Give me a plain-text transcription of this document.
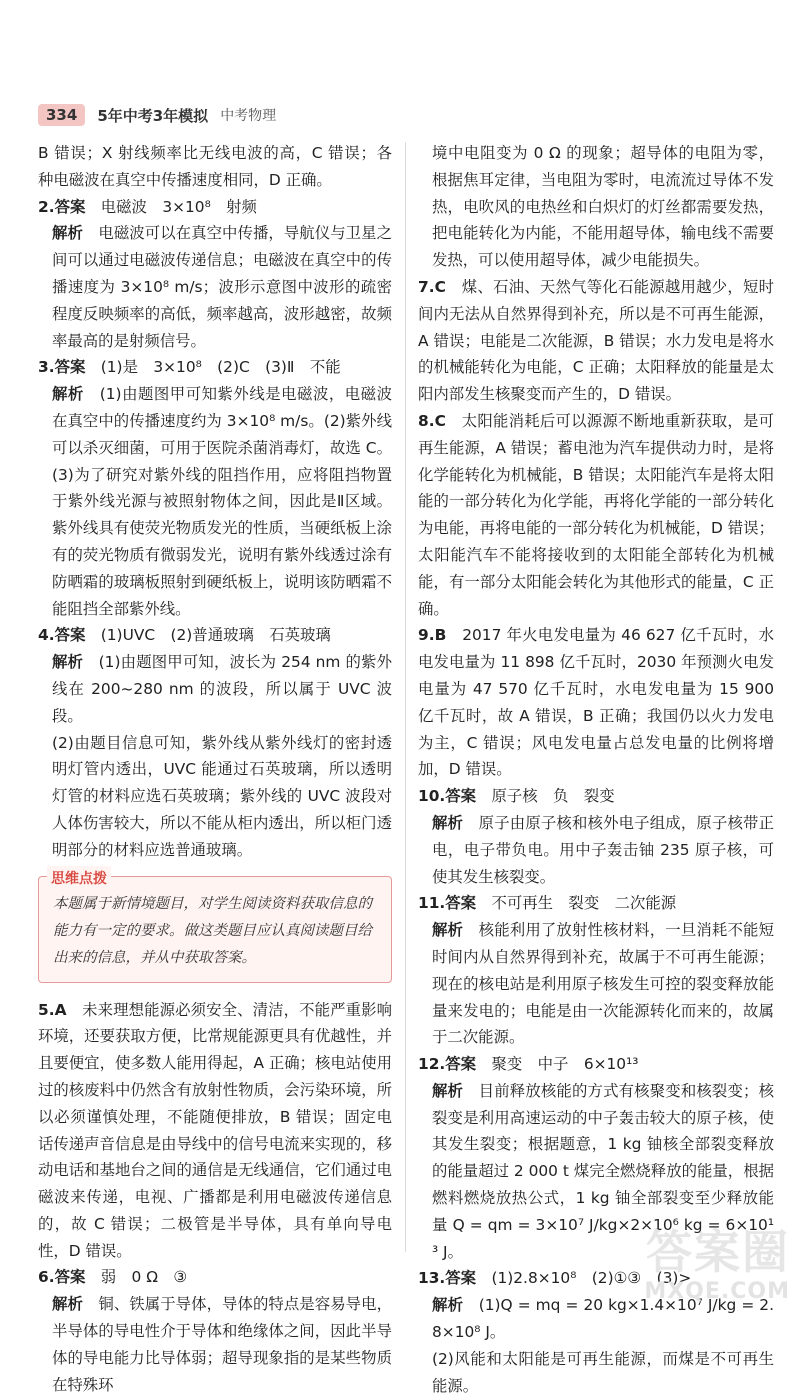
334	5年中考3年模拟 中考物理

B 错误；X 射线频率比无线电波的高，C 错误；各种电磁波在真空中传播速度相同，D 正确。

2.答案　 电磁波　3×10⁸　射频

解析　 电磁波可以在真空中传播，导航仪与卫星之间可以通过电磁波传递信息；电磁波在真空中的传播速度为 3×10⁸ m/s；波形示意图中波形的疏密程度反映频率的高低，频率越高，波形越密，故频率最高的是射频信号。

3.答案　 (1)是　3×10⁸　(2)C　(3)Ⅱ　不能

解析　 (1)由题图甲可知紫外线是电磁波，电磁波在真空中的传播速度约为 3×10⁸ m/s。(2)紫外线可以杀灭细菌，可用于医院杀菌消毒灯，故选 C。(3)为了研究对紫外线的阻挡作用，应将阻挡物置于紫外线光源与被照射物体之间，因此是Ⅱ区域。紫外线具有使荧光物质发光的性质，当硬纸板上涂有的荧光物质有微弱发光，说明有紫外线透过涂有防晒霜的玻璃板照射到硬纸板上，说明该防晒霜不能阻挡全部紫外线。

4.答案　 (1)UVC　(2)普通玻璃　石英玻璃

解析　 (1)由题图甲可知，波长为 254 nm 的紫外线在 200~280 nm 的波段，所以属于 UVC 波段。

(2)由题目信息可知，紫外线从紫外线灯的密封透明灯管内透出，UVC 能通过石英玻璃，所以透明灯管的材料应选石英玻璃；紫外线的 UVC 波段对人体伤害较大，所以不能从柜内透出，所以柜门透明部分的材料应选普通玻璃。

思维点拨
本题属于新情境题目，对学生阅读资料获取信息的能力有一定的要求。做这类题目应认真阅读题目给出来的信息，并从中获取答案。

5.A　 未来理想能源必须安全、清洁，不能严重影响环境，还要获取方便，比常规能源更具有优越性，并且要便宜，使多数人能用得起，A 正确；核电站使用过的核废料中仍然含有放射性物质，会污染环境，所以必须谨慎处理，不能随便排放，B 错误；固定电话传递声音信息是由导线中的信号电流来实现的，移动电话和基地台之间的通信是无线通信，它们通过电磁波来传递，电视、广播都是利用电磁波传递信息的，故 C 错误；二极管是半导体，具有单向导电性，D 错误。

6.答案　 弱　0 Ω　③

解析　 铜、铁属于导体，导体的特点是容易导电，半导体的导电性介于导体和绝缘体之间，因此半导体的导电能力比导体弱；超导现象指的是某些物质在特殊环

境中电阻变为 0 Ω 的现象；超导体的电阻为零，根据焦耳定律，当电阻为零时，电流流过导体不发热，电吹风的电热丝和白炽灯的灯丝都需要发热，把电能转化为内能，不能用超导体，输电线不需要发热，可以使用超导体，减少电能损失。

7.C　 煤、石油、天然气等化石能源越用越少，短时间内无法从自然界得到补充，所以是不可再生能源，A 错误；电能是二次能源，B 错误；水力发电是将水的机械能转化为电能，C 正确；太阳释放的能量是太阳内部发生核聚变而产生的，D 错误。

8.C　 太阳能消耗后可以源源不断地重新获取，是可再生能源，A 错误；蓄电池为汽车提供动力时，是将化学能转化为机械能，B 错误；太阳能汽车是将太阳能的一部分转化为化学能，再将化学能的一部分转化为电能，再将电能的一部分转化为机械能，D 错误；太阳能汽车不能将接收到的太阳能全部转化为机械能，有一部分太阳能会转化为其他形式的能量，C 正确。

9.B　 2017 年火电发电量为 46 627 亿千瓦时，水电发电量为 11 898 亿千瓦时，2030 年预测火电发电量为 47 570 亿千瓦时，水电发电量为 15 900 亿千瓦时，故 A 错误，B 正确；我国仍以火力发电为主，C 错误；风电发电量占总发电量的比例将增加，D 错误。

10.答案　 原子核　负　裂变

解析　 原子由原子核和核外电子组成，原子核带正电，电子带负电。用中子轰击铀 235 原子核，可使其发生核裂变。

11.答案　 不可再生　裂变　二次能源

解析　 核能利用了放射性核材料，一旦消耗不能短时间内从自然界得到补充，故属于不可再生能源；现在的核电站是利用原子核发生可控的裂变释放能量来发电的；电能是由一次能源转化而来的，故属于二次能源。

12.答案　 聚变　中子　6×10¹³

解析　 目前释放核能的方式有核聚变和核裂变；核裂变是利用高速运动的中子轰击较大的原子核，使其发生裂变；根据题意，1 kg 铀核全部裂变释放的能量超过 2 000 t 煤完全燃烧释放的能量，根据燃料燃烧放热公式，1 kg 铀全部裂变至少释放能量 Q = qm = 3×10⁷ J/kg×2×10⁶ kg = 6×10¹³ J。

13.答案　 (1)2.8×10⁸　(2)①③　(3)>

解析　 (1)Q = mq = 20 kg×1.4×10⁷ J/kg = 2.8×10⁸ J。

(2)风能和太阳能是可再生能源，而煤是不可再生能源。

答案圈
MXQE.COM
